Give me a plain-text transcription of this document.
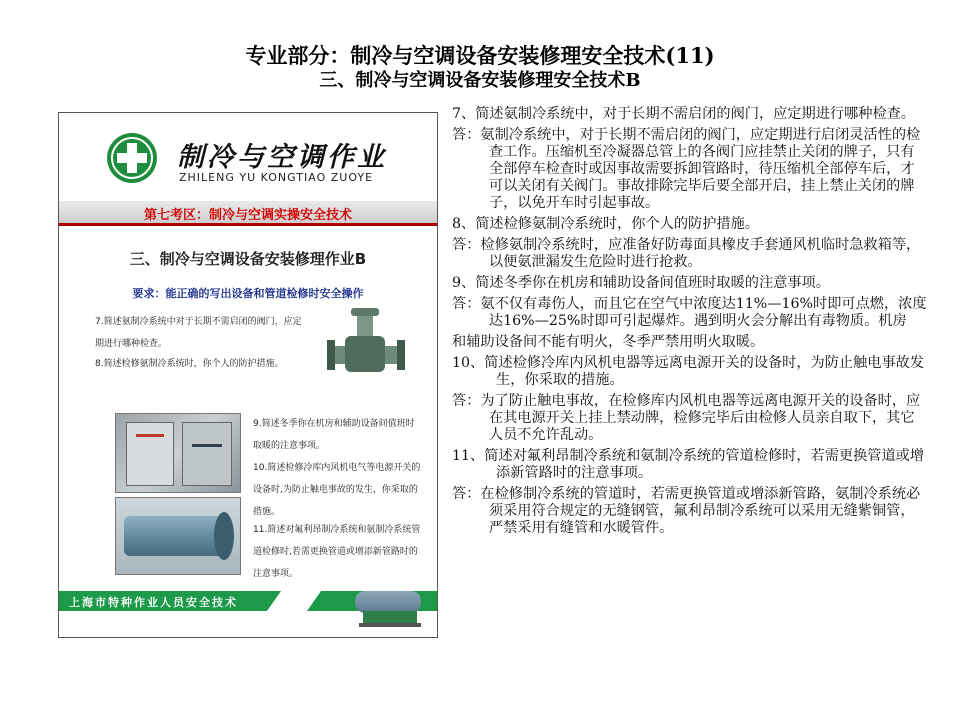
专业部分：制冷与空调设备安装修理安全技术(11)
三、制冷与空调设备安装修理安全技术B
制冷与空调作业
ZHILENG YU KONGTIAO ZUOYE
第七考区：制冷与空调实操安全技术
三、制冷与空调设备安装修理作业B
要求：能正确的写出设备和管道检修时安全操作
7.简述氨制冷系统中对于长期不需启闭的阀门，应定期进行哪种检查。
8.简述检修氨制冷系统时，你个人的防护措施。
9.简述冬季你在机房和辅助设备间值班时取暖的注意事项。
10.简述检修冷库内风机电气等电源开关的设备时,为防止触电事故的发生，你采取的措施。
11.简述对氟利昂制冷系统和氨制冷系统管道检修时,若需更换管道或增添新管路时的注意事项。
上海市特种作业人员安全技术
7、简述氨制冷系统中，对于长期不需启闭的阀门，应定期进行哪种检查。
答：氨制冷系统中，对于长期不需启闭的阀门，应定期进行启闭灵活性的检查工作。压缩机至冷凝器总管上的各阀门应挂禁止关闭的牌子，只有全部停车检查时或因事故需要拆卸管路时，待压缩机全部停车后，才可以关闭有关阀门。事故排除完毕后要全部开启，挂上禁止关闭的牌子，以免开车时引起事故。
8、简述检修氨制冷系统时，你个人的防护措施。
答：检修氨制冷系统时，应准备好防毒面具橡皮手套通风机临时急救箱等，以便氨泄漏发生危险时进行抢救。
9、简述冬季你在机房和辅助设备间值班时取暖的注意事项。
答：氨不仅有毒伤人，而且它在空气中浓度达11%—16%时即可点燃，浓度达16%—25%时即可引起爆炸。遇到明火会分解出有毒物质。机房
和辅助设备间不能有明火，冬季严禁用明火取暖。
10、简述检修冷库内风机电器等远离电源开关的设备时，为防止触电事故发生，你采取的措施。
答：为了防止触电事故，在检修库内风机电器等远离电源开关的设备时，应在其电源开关上挂上禁动牌，检修完毕后由检修人员亲自取下，其它人员不允许乱动。
11、简述对氟利昂制冷系统和氨制冷系统的管道检修时，若需更换管道或增添新管路时的注意事项。
答：在检修制冷系统的管道时，若需更换管道或增添新管路，氨制冷系统必须采用符合规定的无缝钢管，氟利昂制冷系统可以采用无缝紫铜管，严禁采用有缝管和水暖管件。
